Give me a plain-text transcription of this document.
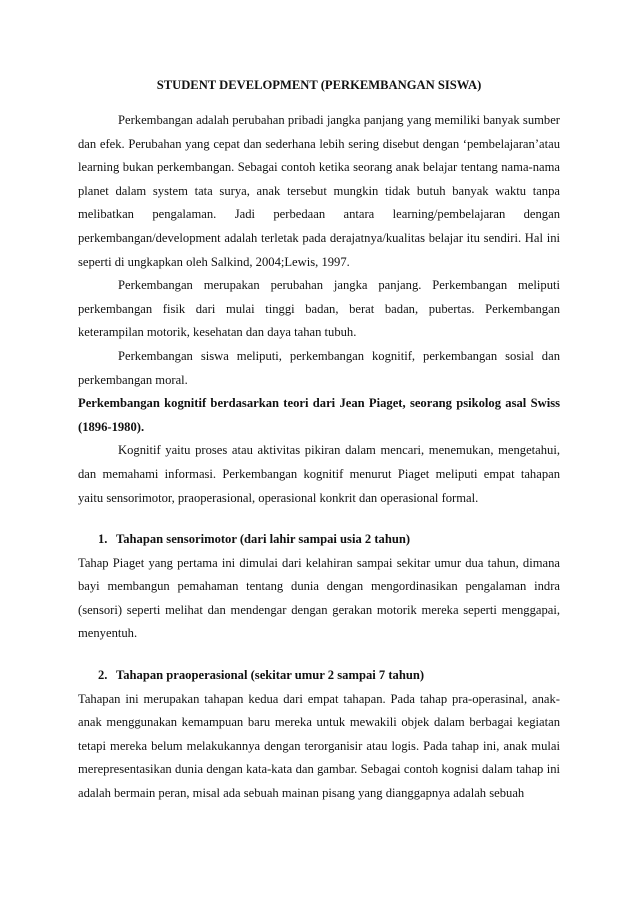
STUDENT DEVELOPMENT (PERKEMBANGAN SISWA)

Perkembangan adalah perubahan pribadi jangka panjang yang memiliki banyak sumber dan efek. Perubahan yang cepat dan sederhana lebih sering disebut dengan ‘pembelajaran’atau learning bukan perkembangan. Sebagai contoh ketika seorang anak belajar tentang nama-nama planet dalam system tata surya, anak tersebut mungkin tidak butuh banyak waktu tanpa melibatkan pengalaman. Jadi perbedaan antara learning/pembelajaran dengan perkembangan/development adalah terletak pada derajatnya/kualitas belajar itu sendiri. Hal ini seperti di ungkapkan oleh Salkind, 2004;Lewis, 1997.

Perkembangan merupakan perubahan jangka panjang. Perkembangan meliputi perkembangan fisik dari mulai tinggi badan, berat badan, pubertas. Perkembangan keterampilan motorik, kesehatan dan daya tahan tubuh.

Perkembangan siswa meliputi, perkembangan kognitif, perkembangan sosial dan perkembangan moral.

Perkembangan kognitif berdasarkan teori dari Jean Piaget, seorang psikolog asal Swiss (1896-1980).

Kognitif yaitu proses atau aktivitas pikiran dalam mencari, menemukan, mengetahui, dan memahami informasi. Perkembangan kognitif menurut Piaget meliputi empat tahapan yaitu sensorimotor, praoperasional, operasional konkrit dan operasional formal.

1. Tahapan sensorimotor (dari lahir sampai usia 2 tahun)

Tahap Piaget yang pertama ini dimulai dari kelahiran sampai sekitar umur dua tahun, dimana bayi membangun pemahaman tentang dunia dengan mengordinasikan pengalaman indra (sensori) seperti melihat dan mendengar dengan gerakan motorik mereka seperti menggapai, menyentuh.

2. Tahapan praoperasional (sekitar umur 2 sampai 7 tahun)

Tahapan ini merupakan tahapan kedua dari empat tahapan. Pada tahap pra-operasinal, anak-anak menggunakan kemampuan baru mereka untuk mewakili objek dalam berbagai kegiatan tetapi mereka belum melakukannya dengan terorganisir atau logis. Pada tahap ini, anak mulai merepresentasikan dunia dengan kata-kata dan gambar. Sebagai contoh kognisi dalam tahap ini adalah bermain peran, misal ada sebuah mainan pisang yang dianggapnya adalah sebuah
